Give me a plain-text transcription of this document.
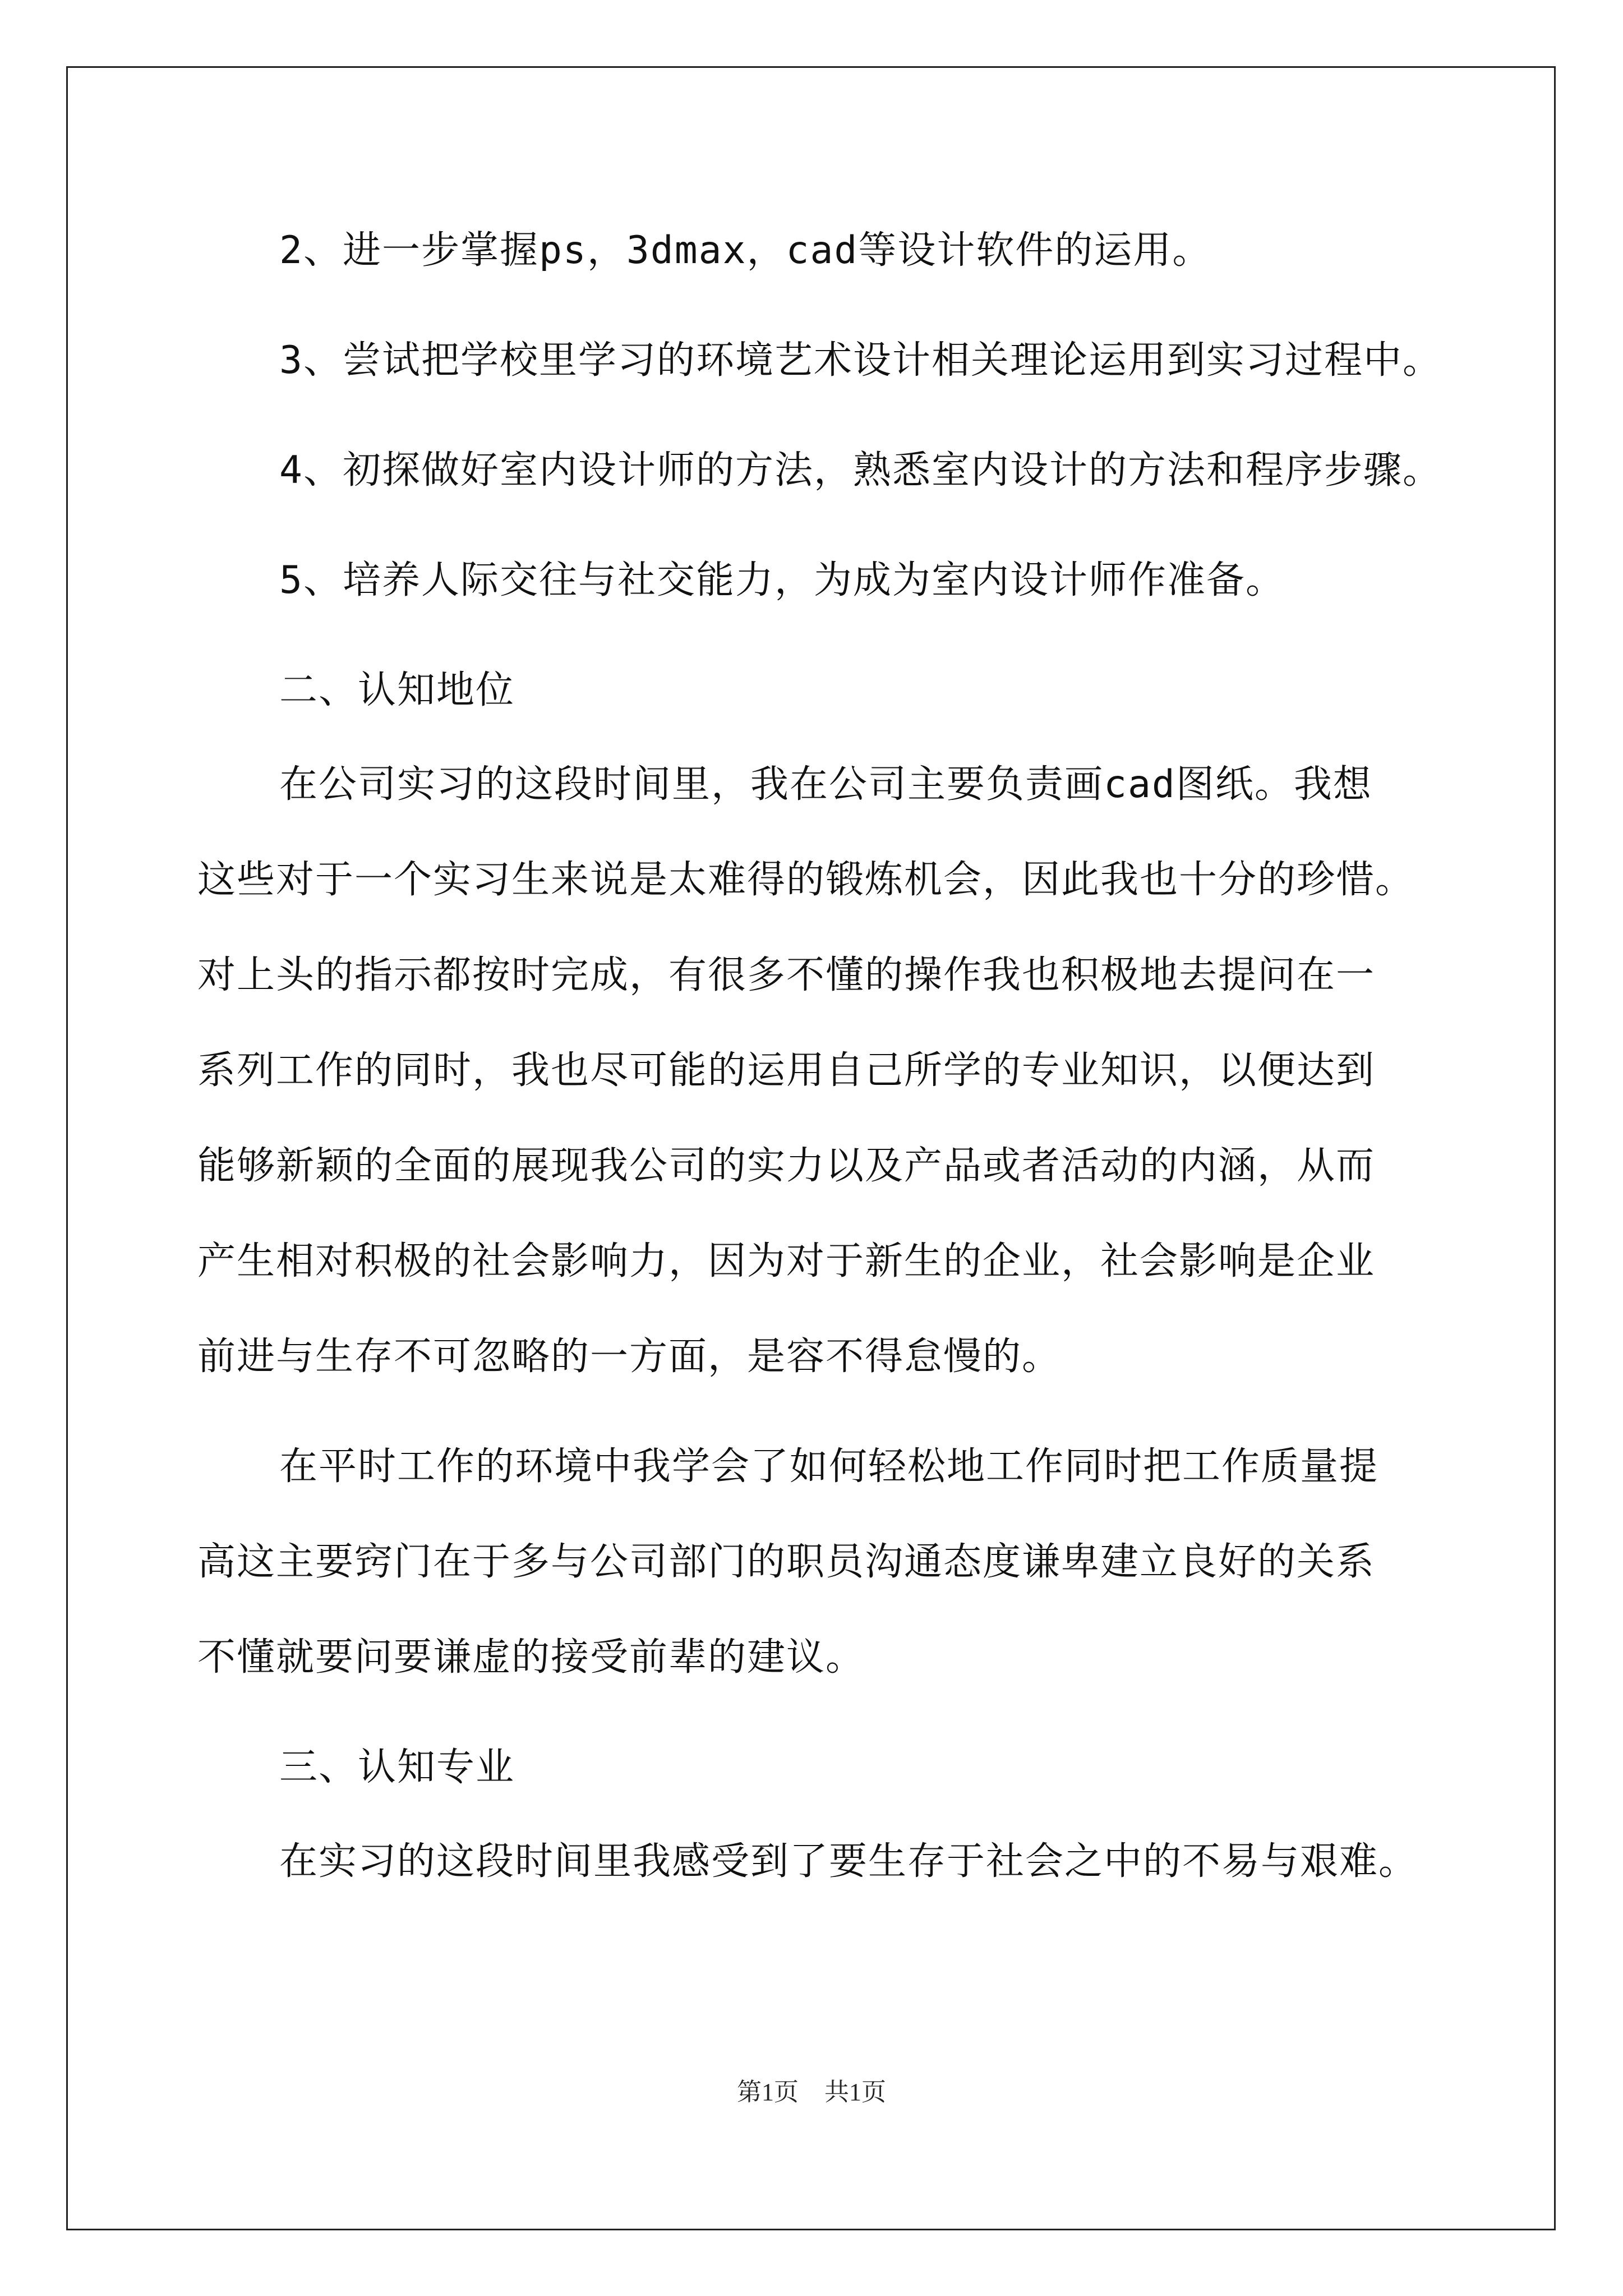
2、进一步掌握ps，3dmax，cad等设计软件的运用。
3、尝试把学校里学习的环境艺术设计相关理论运用到实习过程中。
4、初探做好室内设计师的方法，熟悉室内设计的方法和程序步骤。
5、培养人际交往与社交能力，为成为室内设计师作准备。
二、认知地位
在公司实习的这段时间里，我在公司主要负责画cad图纸。我想
这些对于一个实习生来说是太难得的锻炼机会，因此我也十分的珍惜。
对上头的指示都按时完成，有很多不懂的操作我也积极地去提问在一
系列工作的同时，我也尽可能的运用自己所学的专业知识，以便达到
能够新颖的全面的展现我公司的实力以及产品或者活动的内涵，从而
产生相对积极的社会影响力，因为对于新生的企业，社会影响是企业
前进与生存不可忽略的一方面，是容不得怠慢的。
在平时工作的环境中我学会了如何轻松地工作同时把工作质量提
高这主要窍门在于多与公司部门的职员沟通态度谦卑建立良好的关系
不懂就要问要谦虚的接受前辈的建议。
三、认知专业
在实习的这段时间里我感受到了要生存于社会之中的不易与艰难。
第1页 共1页
